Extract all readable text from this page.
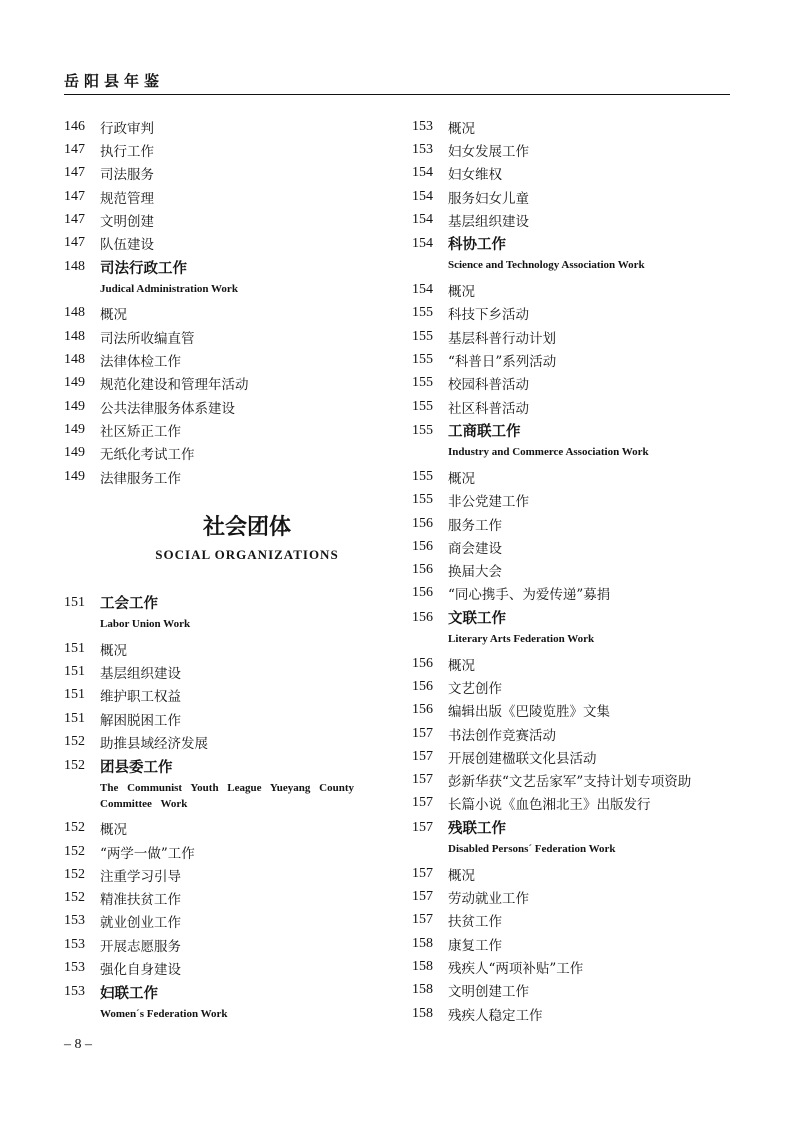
岳阳县年鉴
146	行政审判
147	执行工作
147	司法服务
147	规范管理
147	文明创建
147	队伍建设
148	司法行政工作
Judical Administration Work
148	概况
148	司法所收编直管
148	法律体检工作
149	规范化建设和管理年活动
149	公共法律服务体系建设
149	社区矫正工作
149	无纸化考试工作
149	法律服务工作
社会团体
SOCIAL ORGANIZATIONS
151	工会工作
Labor Union Work
151	概况
151	基层组织建设
151	维护职工权益
151	解困脱困工作
152	助推县域经济发展
152	团县委工作
The Communist Youth League Yueyang County Committee Work
152	概况
152	“两学一做”工作
152	注重学习引导
152	精准扶贫工作
153	就业创业工作
153	开展志愿服务
153	强化自身建设
153	妇联工作
Women´s Federation Work
153	概况
153	妇女发展工作
154	妇女维权
154	服务妇女儿童
154	基层组织建设
154	科协工作
Science and Technology Association Work
154	概况
155	科技下乡活动
155	基层科普行动计划
155	“科普日”系列活动
155	校园科普活动
155	社区科普活动
155	工商联工作
Industry and Commerce Association Work
155	概况
155	非公党建工作
156	服务工作
156	商会建设
156	换届大会
156	“同心携手、为爱传递”募捐
156	文联工作
Literary Arts Federation Work
156	概况
156	文艺创作
156	编辑出版《巴陵览胜》文集
157	书法创作竞赛活动
157	开展创建楹联文化县活动
157	彭新华获“文艺岳家军”支持计划专项资助
157	长篇小说《血色湘北王》出版发行
157	残联工作
Disabled Persons´ Federation Work
157	概况
157	劳动就业工作
157	扶贫工作
158	康复工作
158	残疾人“两项补贴”工作
158	文明创建工作
158	残疾人稳定工作
– 8 –
